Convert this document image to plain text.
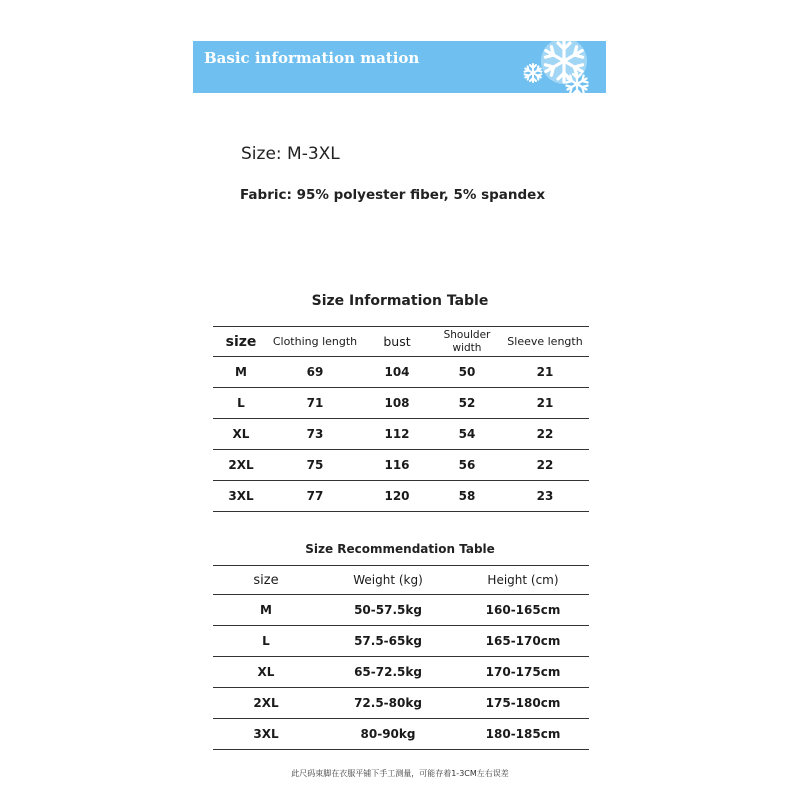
Basic information mation
Size: M-3XL
Fabric: 95% polyester fiber, 5% spandex
Size Information Table
size	Clothing length	bust	Shoulder width	Sleeve length
M	69	104	50	21
L	71	108	52	21
XL	73	112	54	22
2XL	75	116	56	22
3XL	77	120	58	23
Size Recommendation Table
size	Weight (kg)	Height (cm)
M	50-57.5kg	160-165cm
L	57.5-65kg	165-170cm
XL	65-72.5kg	170-175cm
2XL	72.5-80kg	175-180cm
3XL	80-90kg	180-185cm
此尺码束脚在衣服平铺下手工测量，可能存着1-3CM左右误差
